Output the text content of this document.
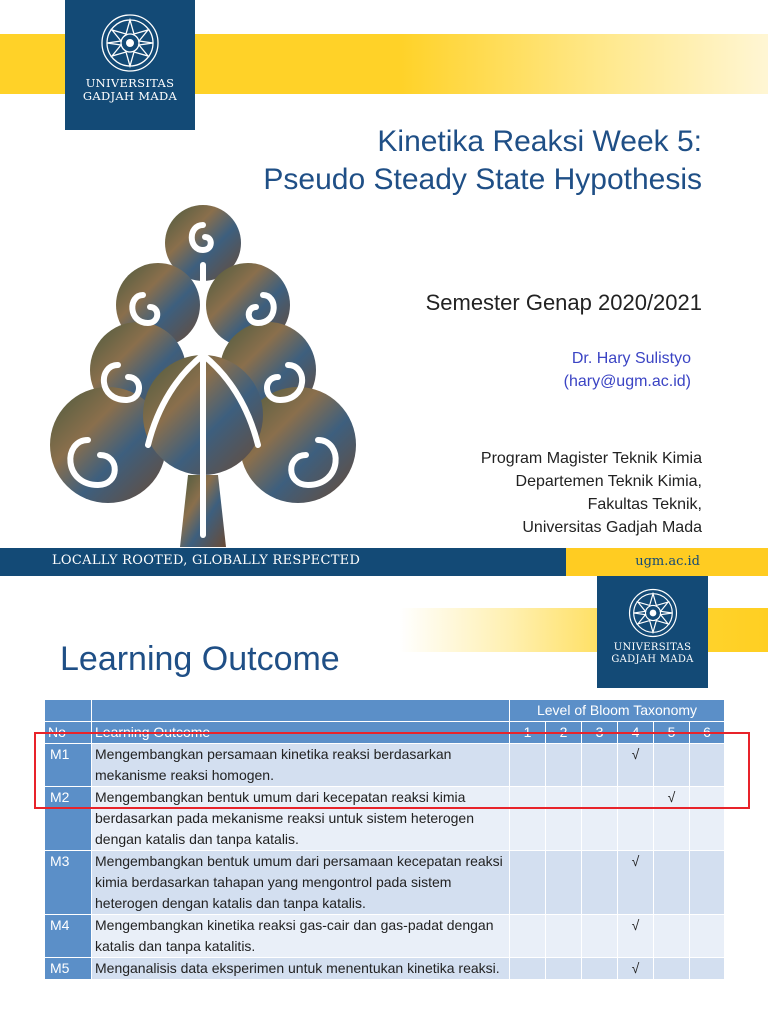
UNIVERSITAS
GADJAH MADA
Kinetika Reaksi Week 5:
Pseudo Steady State Hypothesis
Semester Genap 2020/2021
Dr. Hary Sulistyo
(hary@ugm.ac.id)
Program Magister Teknik Kimia
Departemen Teknik Kimia,
Fakultas Teknik,
Universitas Gadjah Mada
LOCALLY ROOTED, GLOBALLY RESPECTED	ugm.ac.id
UNIVERSITAS
GADJAH MADA
Learning Outcome
		Level of Bloom Taxonomy					
No	Learning Outcome	1	2	3	4	5	6
M1	Mengembangkan persamaan kinetika reaksi berdasarkan mekanisme reaksi homogen.				√		
M2	Mengembangkan bentuk umum dari kecepatan reaksi kimia berdasarkan pada mekanisme reaksi untuk sistem heterogen dengan katalis dan tanpa katalis.					√	
M3	Mengembangkan bentuk umum dari persamaan kecepatan reaksi kimia berdasarkan tahapan yang mengontrol pada sistem heterogen dengan katalis dan tanpa katalis.				√		
M4	Mengembangkan kinetika reaksi gas-cair dan gas-padat dengan katalis dan tanpa katalitis.				√		
M5	Menganalisis data eksperimen untuk menentukan kinetika reaksi.				√		
